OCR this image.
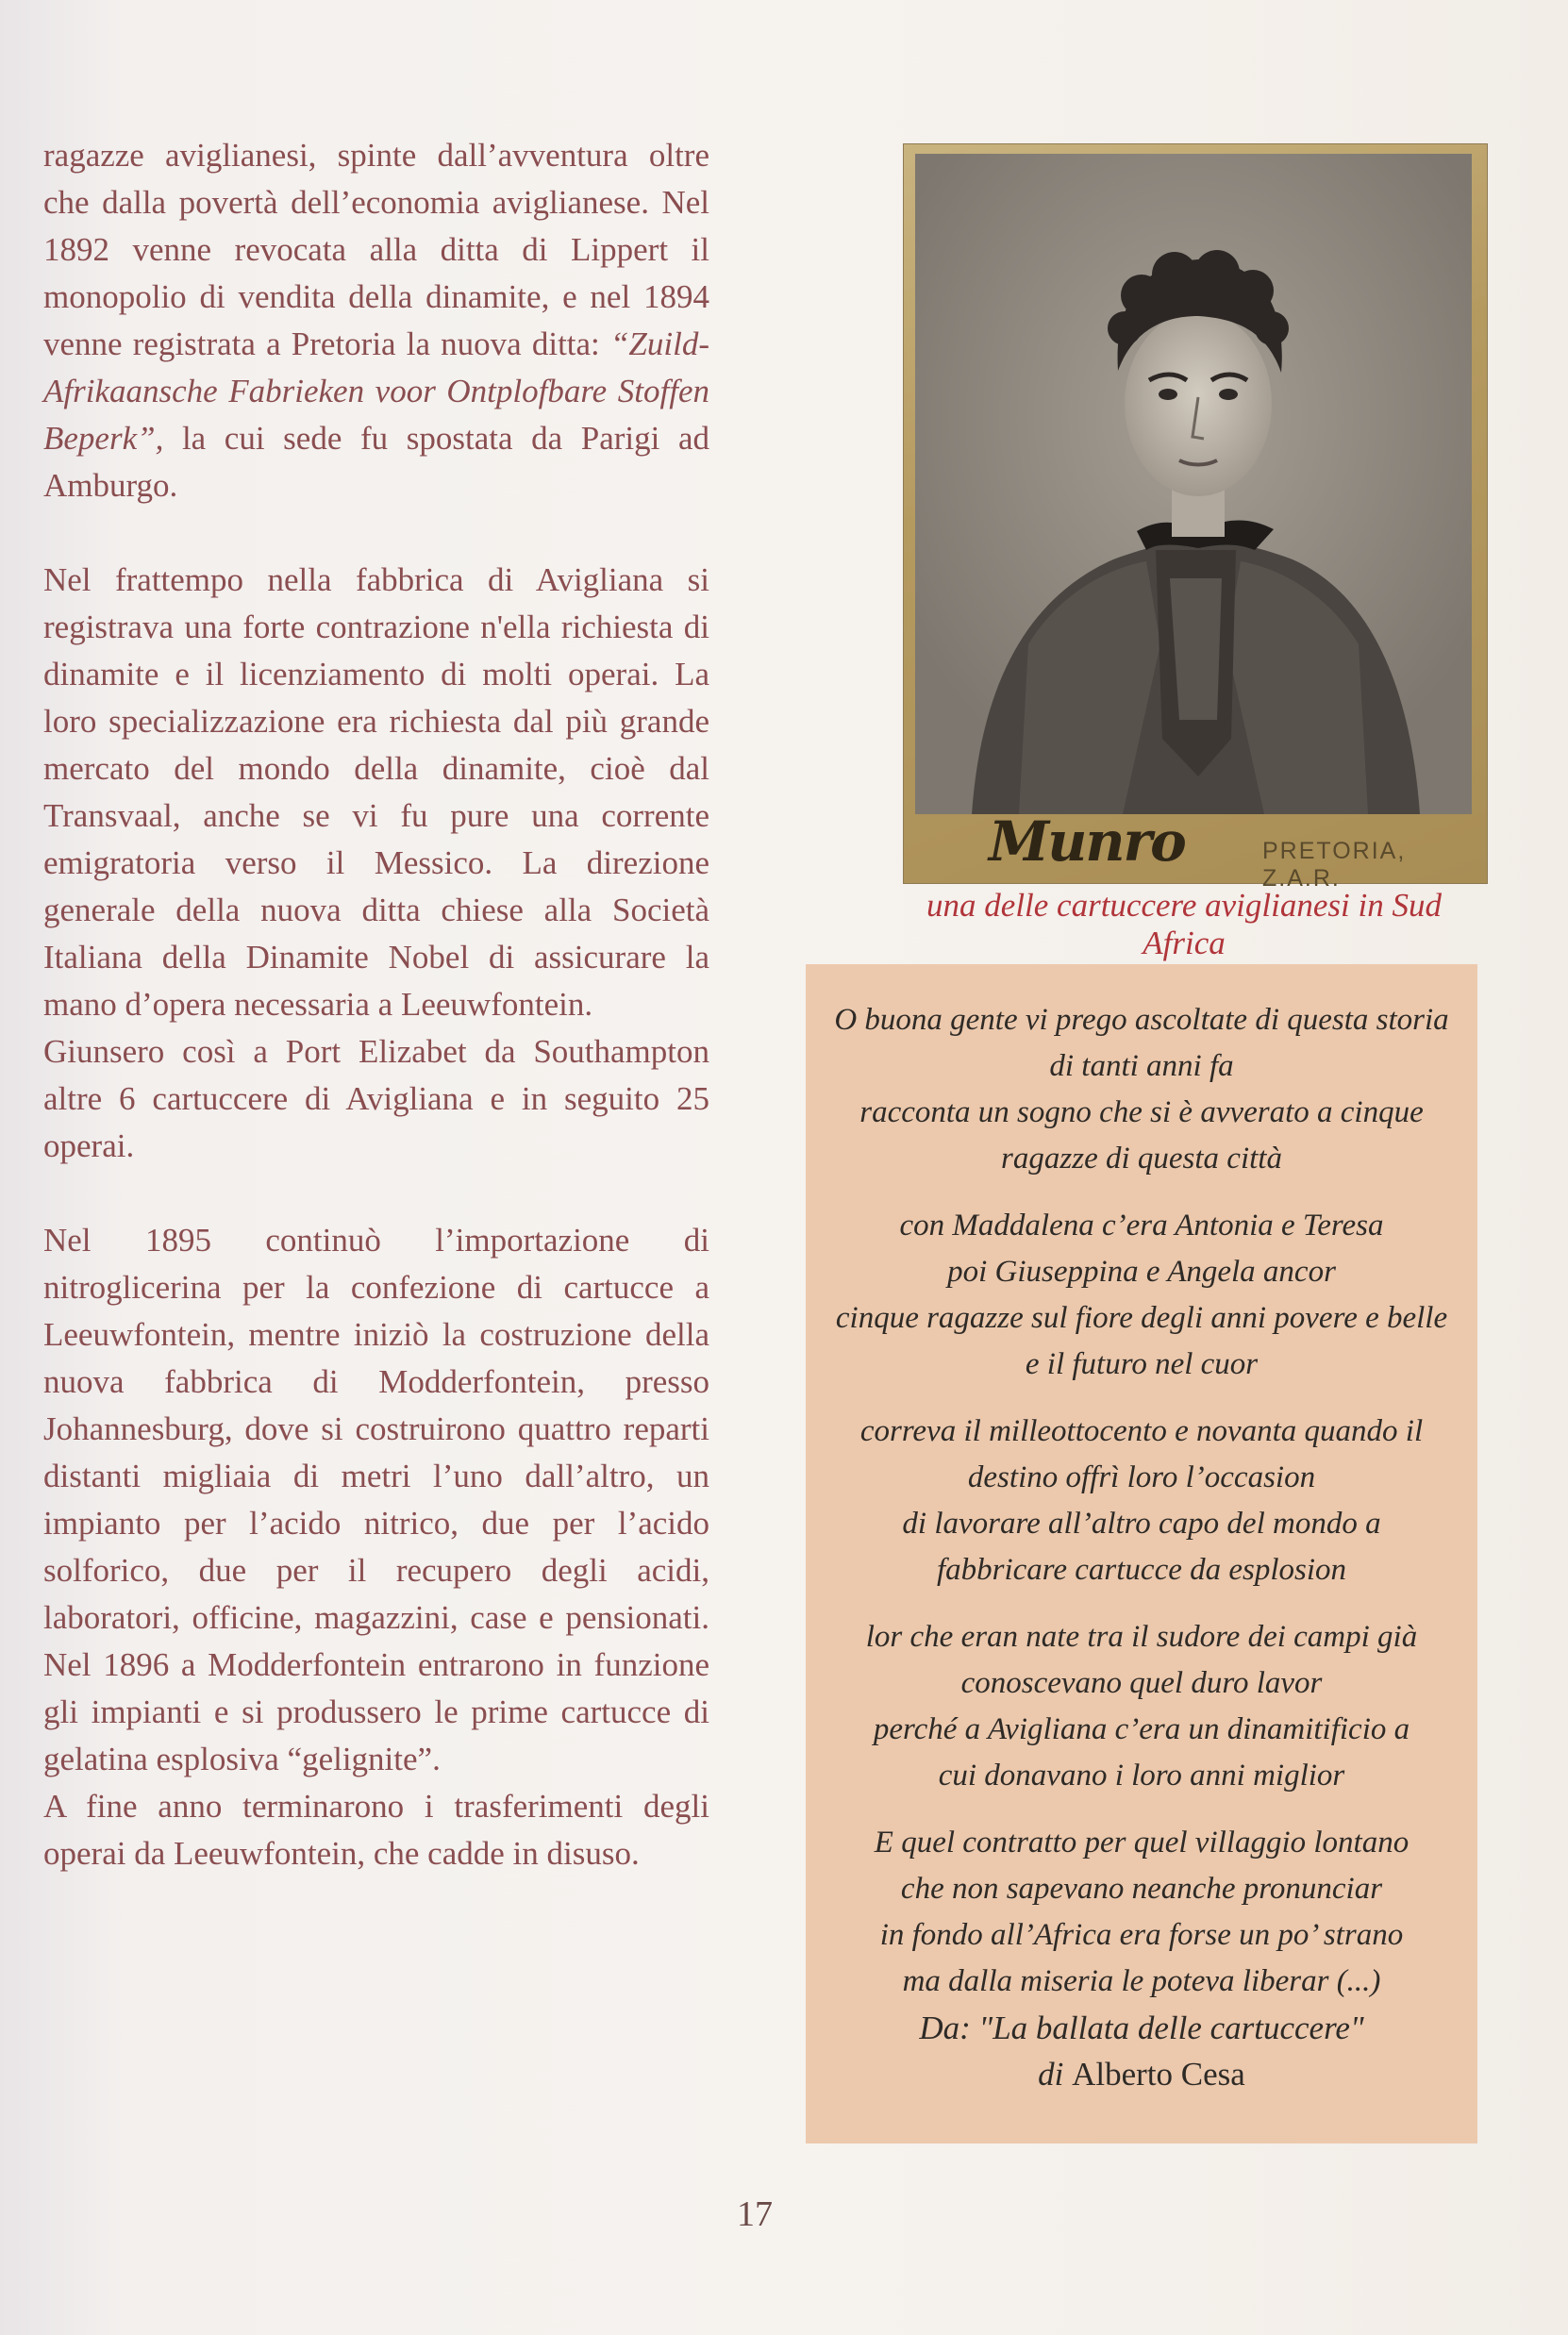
ragazze aviglianesi, spinte dall’avventura oltre che dalla povertà dell’economia aviglianese. Nel 1892 venne revocata alla ditta di Lippert il monopolio di vendita della dinamite, e nel 1894 venne registrata a Pretoria la nuova ditta: “Zuild-Afrikaansche Fabrieken voor Ontplofbare Stoffen Beperk”, la cui sede fu spostata da Parigi ad Amburgo.

Nel frattempo nella fabbrica di Avigliana si registrava una forte contrazione n'ella richiesta di dinamite e il licenziamento di molti operai. La loro specializzazione era richiesta dal più grande mercato del mondo della dinamite, cioè dal Transvaal, anche se vi fu pure una corrente emigratoria verso il Messico. La direzione generale della nuova ditta chiese alla Società Italiana della Dinamite Nobel di assicurare la mano d’opera necessaria a Leeuwfontein.

Giunsero così a Port Elizabet da Southampton altre 6 cartuccere di Avigliana e in seguito 25 operai.

Nel 1895 continuò l’importazione di nitroglicerina per la confezione di cartucce a Leeuwfontein, mentre iniziò la costruzione della nuova fabbrica di Modderfontein, presso Johannesburg, dove si costruirono quattro reparti distanti migliaia di metri l’uno dall’altro, un impianto per l’acido nitrico, due per l’acido solforico, due per il recupero degli acidi, laboratori, officine, magazzini, case e pensionati. Nel 1896 a Modderfontein entrarono in funzione gli impianti e si produssero le prime cartucce di gelatina esplosiva “gelignite”.

A fine anno terminarono i trasferimenti degli operai da Leeuwfontein, che cadde in disuso.

Munro	PRETORIA, Z.A.R.
una delle cartuccere aviglianesi in Sud Africa
O buona gente vi prego ascoltate di questa storia
di tanti anni fa
racconta un sogno che si è avverato a cinque
ragazze di questa città
con Maddalena c’era Antonia e Teresa
poi Giuseppina e Angela ancor
cinque ragazze sul fiore degli anni povere e belle
e il futuro nel cuor
correva il milleottocento e novanta quando il
destino offrì loro l’occasion
di lavorare all’altro capo del mondo a
fabbricare cartucce da esplosion
lor che eran nate tra il sudore dei campi già
conoscevano quel duro lavor
perché a Avigliana c’era un dinamitificio a
cui donavano i loro anni miglior
E quel contratto per quel villaggio lontano
che non sapevano neanche pronunciar
in fondo all’Africa era forse un po’ strano
ma dalla miseria le poteva liberar (...)
Da: "La ballata delle cartuccere"
di Alberto Cesa
17
